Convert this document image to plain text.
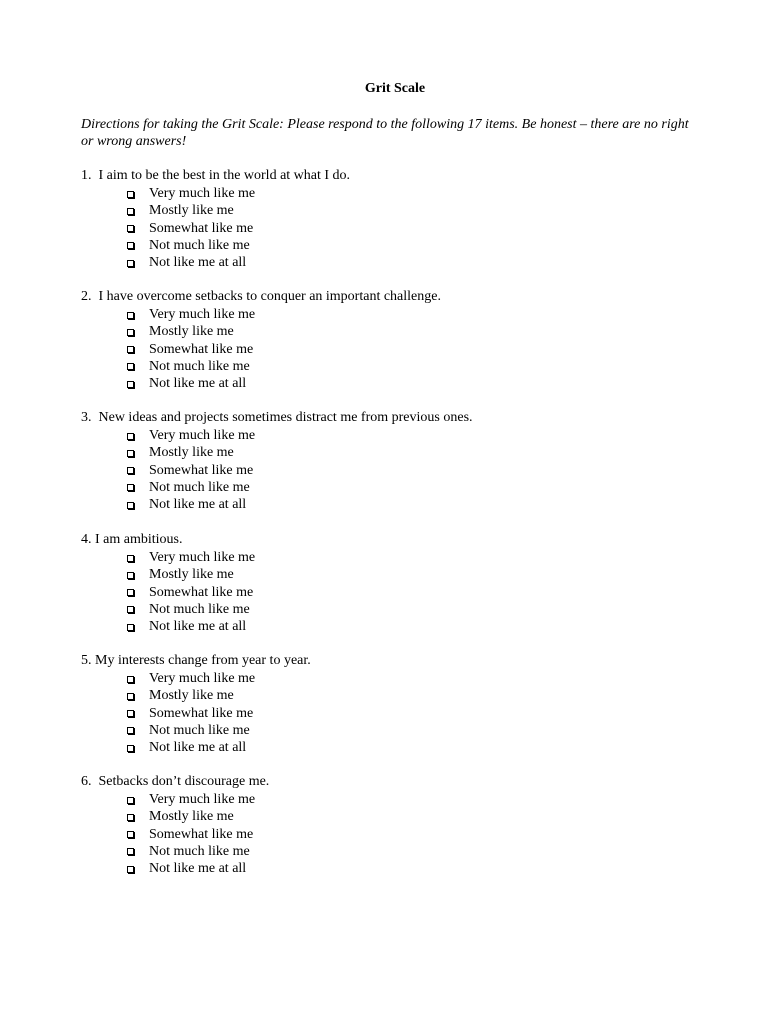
Grit Scale
Directions for taking the Grit Scale: Please respond to the following 17 items. Be honest – there are no right or wrong answers!
1. I aim to be the best in the world at what I do.
Very much like me
Mostly like me
Somewhat like me
Not much like me
Not like me at all
2. I have overcome setbacks to conquer an important challenge.
Very much like me
Mostly like me
Somewhat like me
Not much like me
Not like me at all
3. New ideas and projects sometimes distract me from previous ones.
Very much like me
Mostly like me
Somewhat like me
Not much like me
Not like me at all
4. I am ambitious.
Very much like me
Mostly like me
Somewhat like me
Not much like me
Not like me at all
5. My interests change from year to year.
Very much like me
Mostly like me
Somewhat like me
Not much like me
Not like me at all
6. Setbacks don’t discourage me.
Very much like me
Mostly like me
Somewhat like me
Not much like me
Not like me at all
